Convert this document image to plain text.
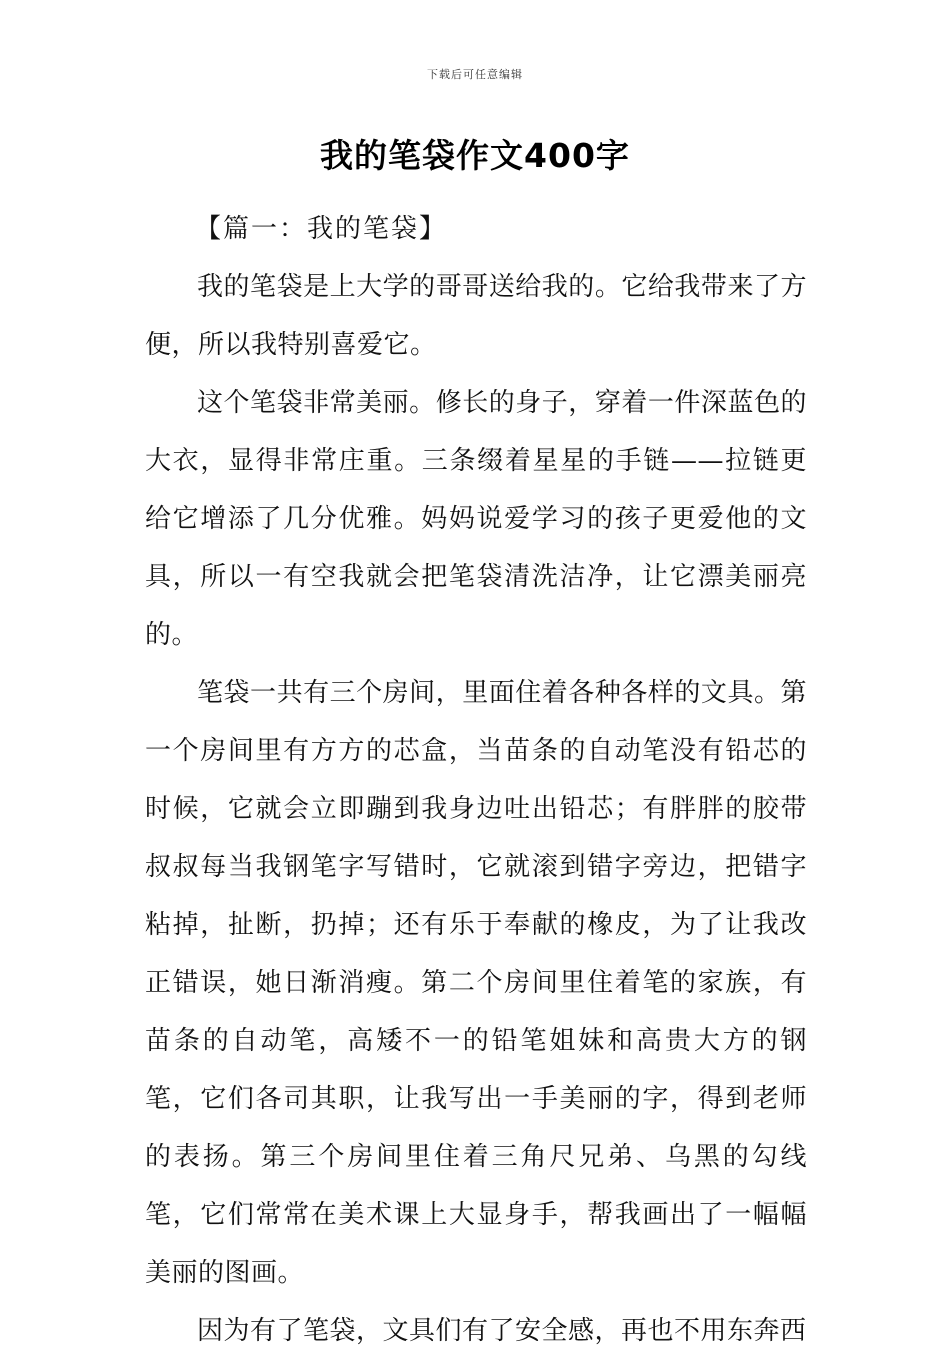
下载后可任意编辑
我的笔袋作文400字

【篇一：我的笔袋】

我的笔袋是上大学的哥哥送给我的。它给我带来了方便，所以我特别喜爱它。

这个笔袋非常美丽。修长的身子，穿着一件深蓝色的大衣，显得非常庄重。三条缀着星星的手链——拉链更给它增添了几分优雅。妈妈说爱学习的孩子更爱他的文具，所以一有空我就会把笔袋清洗洁净，让它漂美丽亮的。

笔袋一共有三个房间，里面住着各种各样的文具。第一个房间里有方方的芯盒，当苗条的自动笔没有铅芯的时候，它就会立即蹦到我身边吐出铅芯；有胖胖的胶带叔叔每当我钢笔字写错时，它就滚到错字旁边，把错字粘掉，扯断，扔掉；还有乐于奉献的橡皮，为了让我改正错误，她日渐消瘦。第二个房间里住着笔的家族，有苗条的自动笔，高矮不一的铅笔姐妹和高贵大方的钢笔，它们各司其职，让我写出一手美丽的字，得到老师的表扬。第三个房间里住着三角尺兄弟、乌黑的勾线笔，它们常常在美术课上大显身手，帮我画出了一幅幅美丽的图画。

因为有了笔袋，文具们有了安全感，再也不用东奔西
